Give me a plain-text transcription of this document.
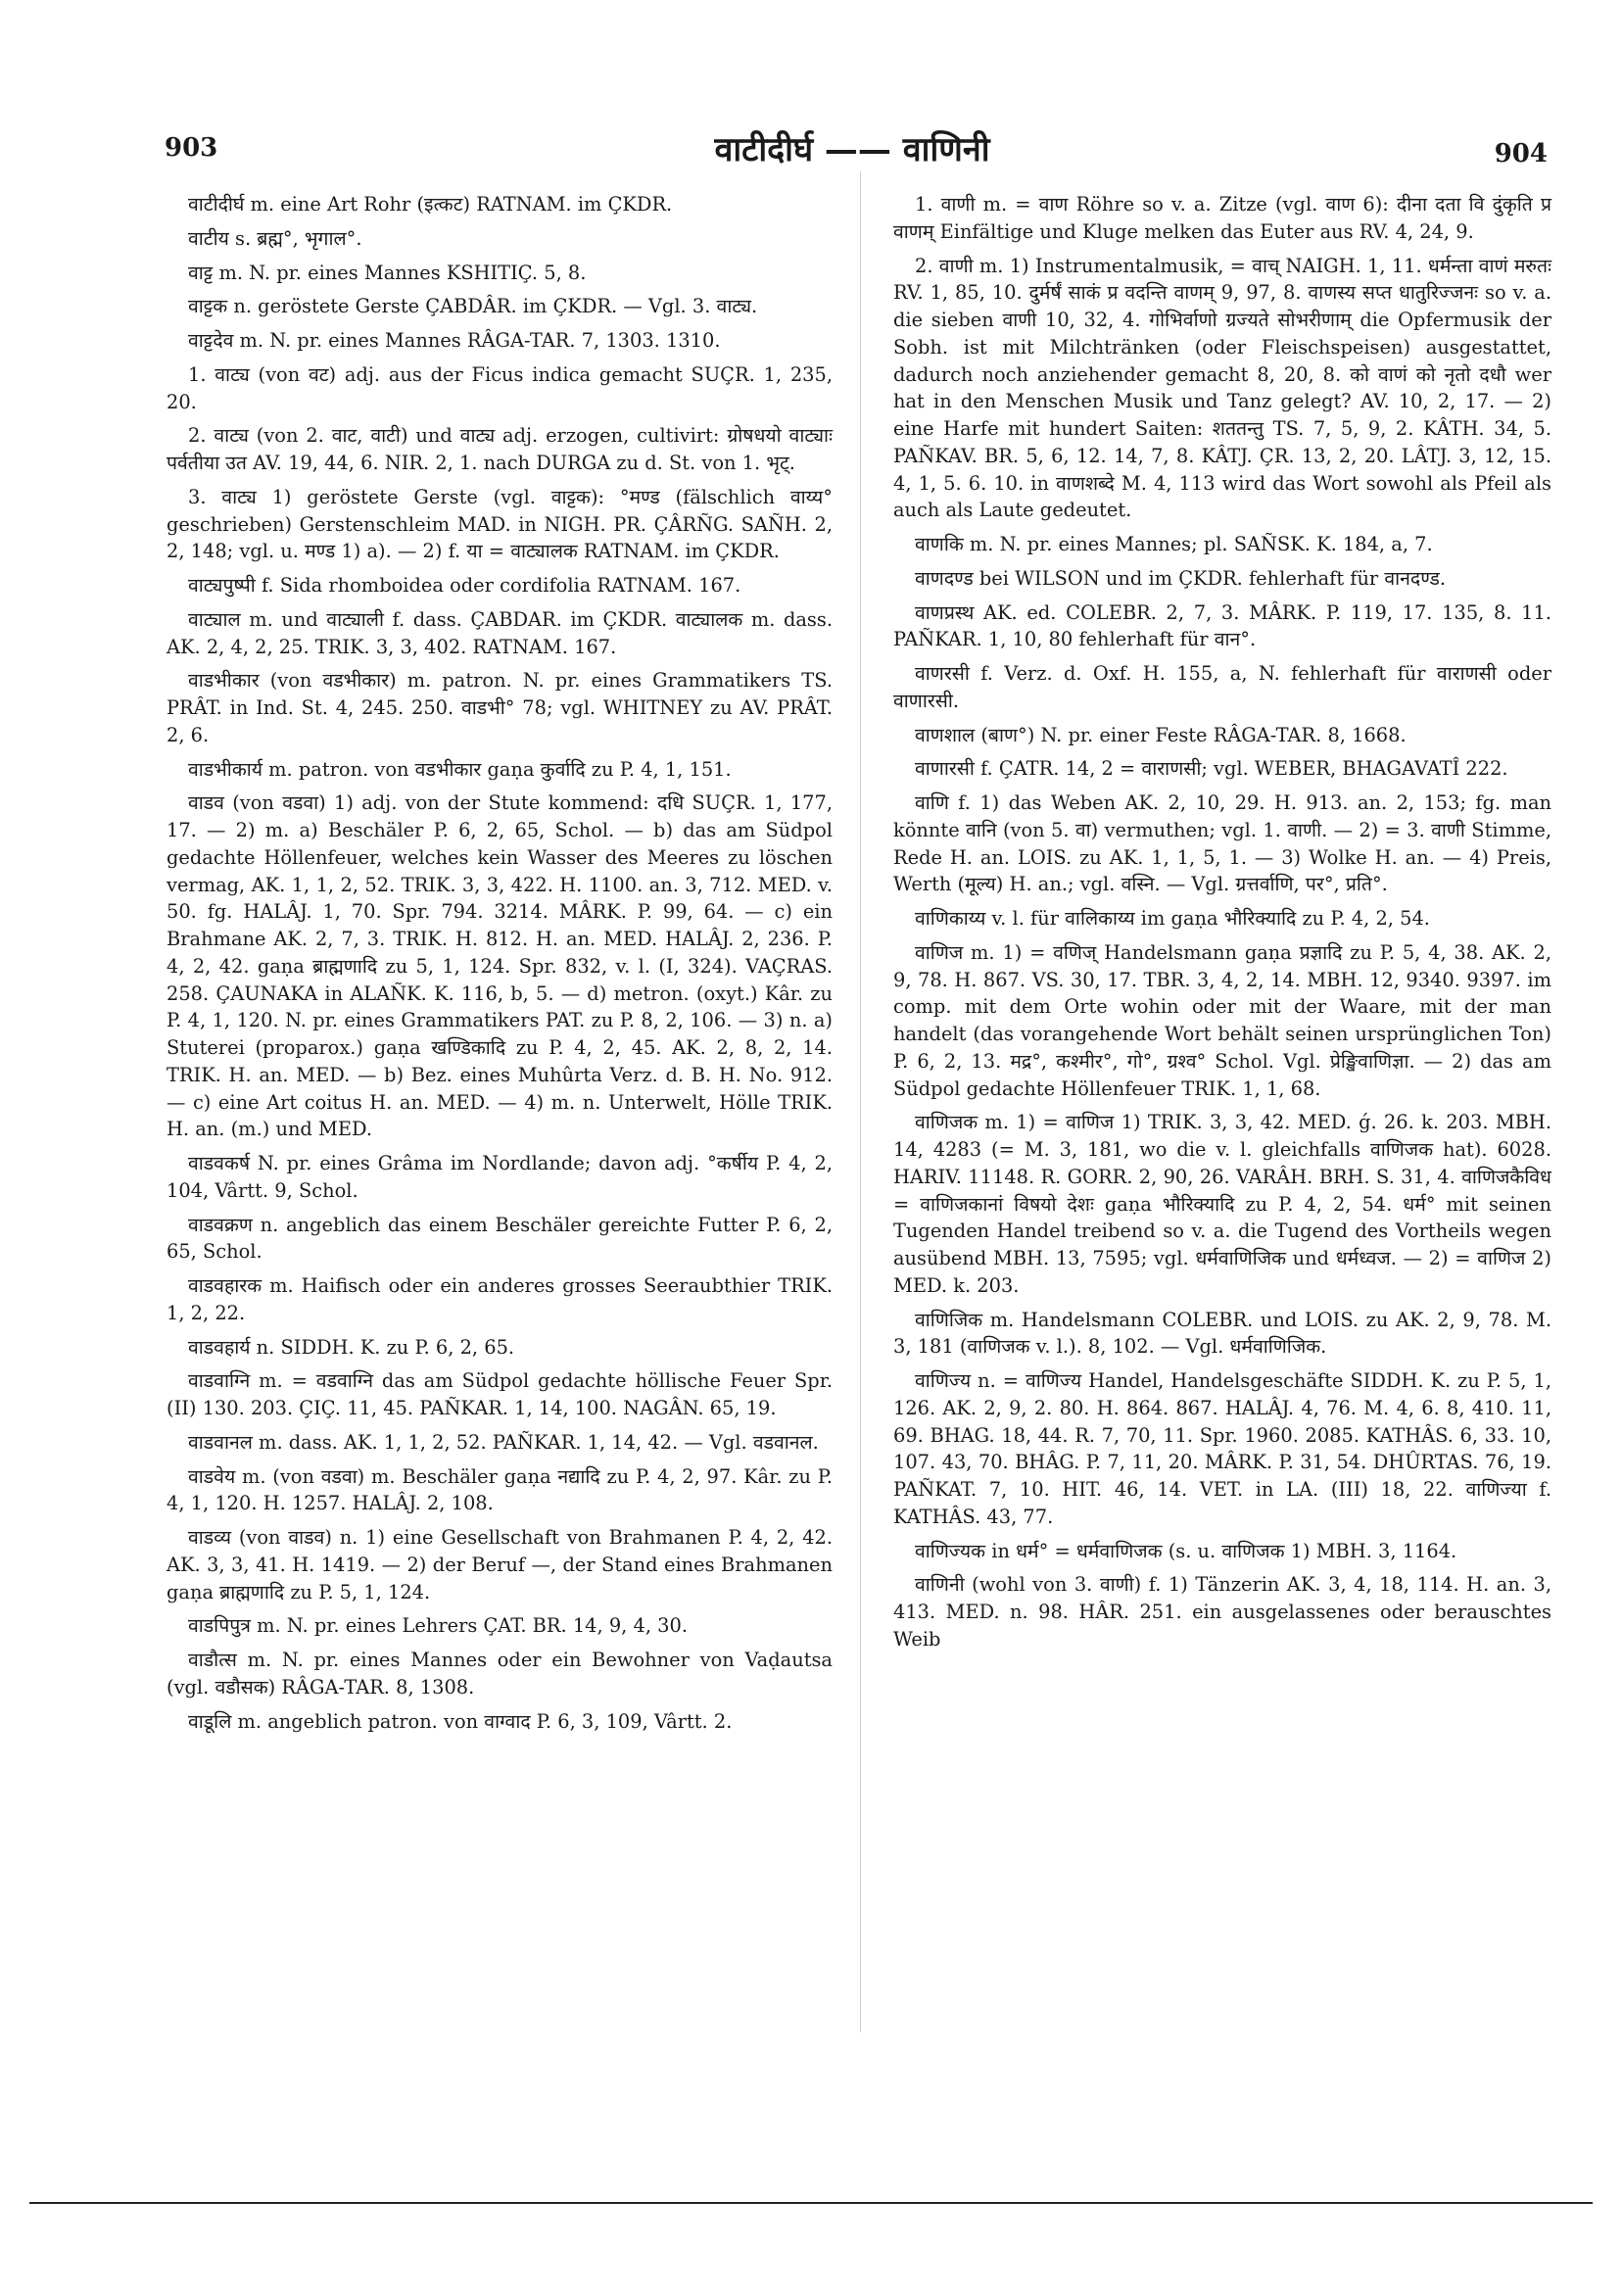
903	वाटीदीर्घ —— वाणिनी	904

वाटीदीर्घ m. eine Art Rohr (इत्कट) RATNAM. im ÇKDR.

वाटीय s. ब्रह्म°, भृगाल°.

वाट्ट m. N. pr. eines Mannes KSHITIÇ. 5, 8.

वाट्टक n. geröstete Gerste ÇABDÂR. im ÇKDR. — Vgl. 3. वाट्य.

वाट्टदेव m. N. pr. eines Mannes RÂGA-TAR. 7, 1303. 1310.

1. वाट्य (von वट) adj. aus der Ficus indica gemacht SUÇR. 1, 235, 20.

2. वाट्य (von 2. वाट, वाटी) und वाट्य adj. erzogen, cultivirt: ग्रोषधयो वाट्याः पर्वतीया उत AV. 19, 44, 6. NIR. 2, 1. nach DURGA zu d. St. von 1. भृट्.

3. वाट्य 1) geröstete Gerste (vgl. वाट्टक): °मण्ड (fälschlich वाय्य° geschrieben) Gerstenschleim MAD. in NIGH. PR. ÇÂRÑG. SAÑH. 2, 2, 148; vgl. u. मण्ड 1) a). — 2) f. या = वाट्यालक RATNAM. im ÇKDR.

वाट्यपुष्पी f. Sida rhomboidea oder cordifolia RATNAM. 167.

वाट्याल m. und वाट्याली f. dass. ÇABDAR. im ÇKDR. वाट्यालक m. dass. AK. 2, 4, 2, 25. TRIK. 3, 3, 402. RATNAM. 167.

वाडभीकार (von वडभीकार) m. patron. N. pr. eines Grammatikers TS. PRÂT. in Ind. St. 4, 245. 250. वाडभी° 78; vgl. WHITNEY zu AV. PRÂT. 2, 6.

वाडभीकार्य m. patron. von वडभीकार gaṇa कुर्वादि zu P. 4, 1, 151.

वाडव (von वडवा) 1) adj. von der Stute kommend: दधि SUÇR. 1, 177, 17. — 2) m. a) Beschäler P. 6, 2, 65, Schol. — b) das am Südpol gedachte Höllenfeuer, welches kein Wasser des Meeres zu löschen vermag, AK. 1, 1, 2, 52. TRIK. 3, 3, 422. H. 1100. an. 3, 712. MED. v. 50. fg. HALÂJ. 1, 70. Spr. 794. 3214. MÂRK. P. 99, 64. — c) ein Brahmane AK. 2, 7, 3. TRIK. H. 812. H. an. MED. HALÂJ. 2, 236. P. 4, 2, 42. gaṇa ब्राह्मणादि zu 5, 1, 124. Spr. 832, v. l. (I, 324). VAÇRAS. 258. ÇAUNAKA in ALAÑK. K. 116, b, 5. — d) metron. (oxyt.) Kâr. zu P. 4, 1, 120. N. pr. eines Grammatikers PAT. zu P. 8, 2, 106. — 3) n. a) Stuterei (proparox.) gaṇa खण्डिकादि zu P. 4, 2, 45. AK. 2, 8, 2, 14. TRIK. H. an. MED. — b) Bez. eines Muhûrta Verz. d. B. H. No. 912. — c) eine Art coitus H. an. MED. — 4) m. n. Unterwelt, Hölle TRIK. H. an. (m.) und MED.

वाडवकर्ष N. pr. eines Grâma im Nordlande; davon adj. °कर्षीय P. 4, 2, 104, Vârtt. 9, Schol.

वाडवक्रण n. angeblich das einem Beschäler gereichte Futter P. 6, 2, 65, Schol.

वाडवहारक m. Haifisch oder ein anderes grosses Seeraubthier TRIK. 1, 2, 22.

वाडवहार्य n. SIDDH. K. zu P. 6, 2, 65.

वाडवाग्नि m. = वडवाग्नि das am Südpol gedachte höllische Feuer Spr. (II) 130. 203. ÇIÇ. 11, 45. PAÑKAR. 1, 14, 100. NAGÂN. 65, 19.

वाडवानल m. dass. AK. 1, 1, 2, 52. PAÑKAR. 1, 14, 42. — Vgl. वडवानल.

वाडवेय m. (von वडवा) m. Beschäler gaṇa नद्यादि zu P. 4, 2, 97. Kâr. zu P. 4, 1, 120. H. 1257. HALÂJ. 2, 108.

वाडव्य (von वाडव) n. 1) eine Gesellschaft von Brahmanen P. 4, 2, 42. AK. 3, 3, 41. H. 1419. — 2) der Beruf —, der Stand eines Brahmanen gaṇa ब्राह्मणादि zu P. 5, 1, 124.

वाडपिपुत्र m. N. pr. eines Lehrers ÇAT. BR. 14, 9, 4, 30.

वाडौत्स m. N. pr. eines Mannes oder ein Bewohner von Vaḍautsa (vgl. वडौसक) RÂGA-TAR. 8, 1308.

वाडूलि m. angeblich patron. von वाग्वाद P. 6, 3, 109, Vârtt. 2.

1. वाणी m. = वाण Röhre so v. a. Zitze (vgl. वाण 6): दीना दता वि दुंकृति प्र वाणम् Einfältige und Kluge melken das Euter aus RV. 4, 24, 9.

2. वाणी m. 1) Instrumentalmusik, = वाच् NAIGH. 1, 11. धर्मन्ता वाणं मरुतः RV. 1, 85, 10. दुर्मर्षं साकं प्र वदन्ति वाणम् 9, 97, 8. वाणस्य सप्त धातुरिज्जनः so v. a. die sieben वाणी 10, 32, 4. गोभिर्वाणो ग्रज्यते सोभरीणाम् die Opfermusik der Sobh. ist mit Milchtränken (oder Fleischspeisen) ausgestattet, dadurch noch anziehender gemacht 8, 20, 8. को वाणं को नृतो दधौ wer hat in den Menschen Musik und Tanz gelegt? AV. 10, 2, 17. — 2) eine Harfe mit hundert Saiten: शततन्तु TS. 7, 5, 9, 2. KÂTH. 34, 5. PAÑKAV. BR. 5, 6, 12. 14, 7, 8. KÂTJ. ÇR. 13, 2, 20. LÂTJ. 3, 12, 15. 4, 1, 5. 6. 10. in वाणशब्दे M. 4, 113 wird das Wort sowohl als Pfeil als auch als Laute gedeutet.

वाणकि m. N. pr. eines Mannes; pl. SAÑSK. K. 184, a, 7.

वाणदण्ड bei WILSON und im ÇKDR. fehlerhaft für वानदण्ड.

वाणप्रस्थ AK. ed. COLEBR. 2, 7, 3. MÂRK. P. 119, 17. 135, 8. 11. PAÑKAR. 1, 10, 80 fehlerhaft für वान°.

वाणरसी f. Verz. d. Oxf. H. 155, a, N. fehlerhaft für वाराणसी oder वाणारसी.

वाणशाल (बाण°) N. pr. einer Feste RÂGA-TAR. 8, 1668.

वाणारसी f. ÇATR. 14, 2 = वाराणसी; vgl. WEBER, BHAGAVATÎ 222.

वाणि f. 1) das Weben AK. 2, 10, 29. H. 913. an. 2, 153; fg. man könnte वानि (von 5. वा) vermuthen; vgl. 1. वाणी. — 2) = 3. वाणी Stimme, Rede H. an. LOIS. zu AK. 1, 1, 5, 1. — 3) Wolke H. an. — 4) Preis, Werth (मूल्य) H. an.; vgl. वस्नि. — Vgl. ग्रत्तर्वाणि, पर°, प्रति°.

वाणिकाय्य v. l. für वालिकाय्य im gaṇa भौरिक्यादि zu P. 4, 2, 54.

वाणिज m. 1) = वणिज् Handelsmann gaṇa प्रज्ञादि zu P. 5, 4, 38. AK. 2, 9, 78. H. 867. VS. 30, 17. TBR. 3, 4, 2, 14. MBH. 12, 9340. 9397. im comp. mit dem Orte wohin oder mit der Waare, mit der man handelt (das vorangehende Wort behält seinen ursprünglichen Ton) P. 6, 2, 13. मद्र°, कश्मीर°, गो°, ग्रश्व° Schol. Vgl. प्रेङ्खिवाणिज्ञा. — 2) das am Südpol gedachte Höllenfeuer TRIK. 1, 1, 68.

वाणिजक m. 1) = वाणिज 1) TRIK. 3, 3, 42. MED. ǵ. 26. k. 203. MBH. 14, 4283 (= M. 3, 181, wo die v. l. gleichfalls वाणिजक hat). 6028. HARIV. 11148. R. GORR. 2, 90, 26. VARÂH. BRH. S. 31, 4. वाणिजकैविध = वाणिजकानां विषयो देशः gaṇa भौरिक्यादि zu P. 4, 2, 54. धर्म° mit seinen Tugenden Handel treibend so v. a. die Tugend des Vortheils wegen ausübend MBH. 13, 7595; vgl. धर्मवाणिजिक und धर्मध्वज. — 2) = वाणिज 2) MED. k. 203.

वाणिजिक m. Handelsmann COLEBR. und LOIS. zu AK. 2, 9, 78. M. 3, 181 (वाणिजक v. l.). 8, 102. — Vgl. धर्मवाणिजिक.

वाणिज्य n. = वाणिज्य Handel, Handelsgeschäfte SIDDH. K. zu P. 5, 1, 126. AK. 2, 9, 2. 80. H. 864. 867. HALÂJ. 4, 76. M. 4, 6. 8, 410. 11, 69. BHAG. 18, 44. R. 7, 70, 11. Spr. 1960. 2085. KATHÂS. 6, 33. 10, 107. 43, 70. BHÂG. P. 7, 11, 20. MÂRK. P. 31, 54. DHÛRTAS. 76, 19. PAÑKAT. 7, 10. HIT. 46, 14. VET. in LA. (III) 18, 22. वाणिज्या f. KATHÂS. 43, 77.

वाणिज्यक in धर्म° = धर्मवाणिजक (s. u. वाणिजक 1) MBH. 3, 1164.

वाणिनी (wohl von 3. वाणी) f. 1) Tänzerin AK. 3, 4, 18, 114. H. an. 3, 413. MED. n. 98. HÂR. 251. ein ausgelassenes oder berauschtes Weib
